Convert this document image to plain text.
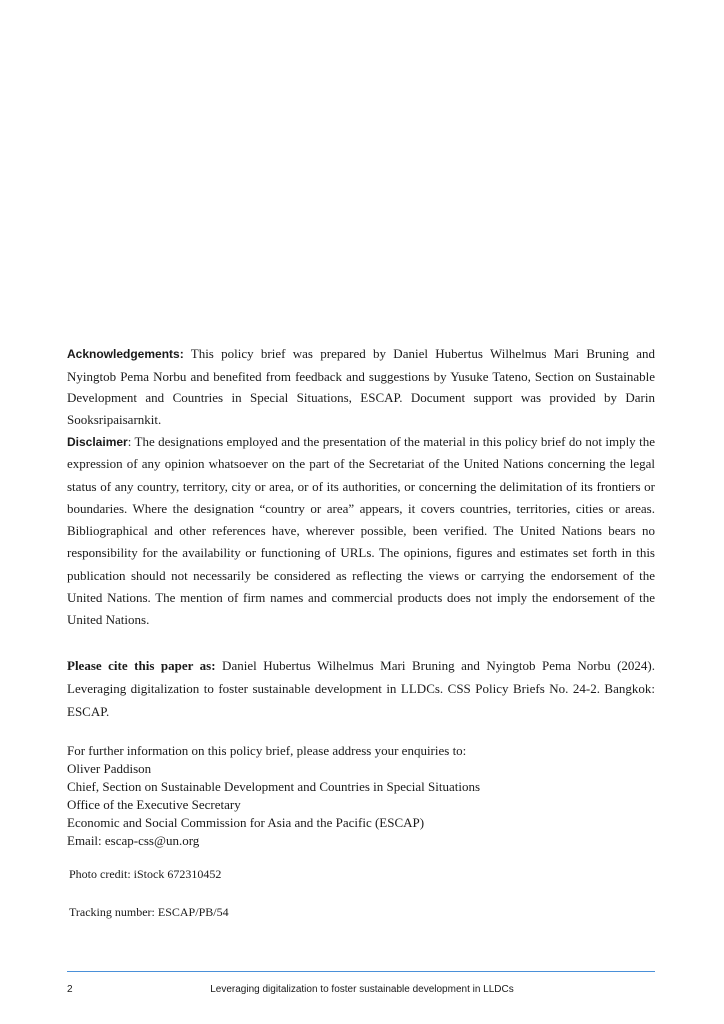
Acknowledgements: This policy brief was prepared by Daniel Hubertus Wilhelmus Mari Bruning and Nyingtob Pema Norbu and benefited from feedback and suggestions by Yusuke Tateno, Section on Sustainable Development and Countries in Special Situations, ESCAP. Document support was provided by Darin Sooksripaisarnkit.
Disclaimer: The designations employed and the presentation of the material in this policy brief do not imply the expression of any opinion whatsoever on the part of the Secretariat of the United Nations concerning the legal status of any country, territory, city or area, or of its authorities, or concerning the delimitation of its frontiers or boundaries. Where the designation “country or area” appears, it covers countries, territories, cities or areas. Bibliographical and other references have, wherever possible, been verified. The United Nations bears no responsibility for the availability or functioning of URLs. The opinions, figures and estimates set forth in this publication should not necessarily be considered as reflecting the views or carrying the endorsement of the United Nations. The mention of firm names and commercial products does not imply the endorsement of the United Nations.
Please cite this paper as: Daniel Hubertus Wilhelmus Mari Bruning and Nyingtob Pema Norbu (2024). Leveraging digitalization to foster sustainable development in LLDCs. CSS Policy Briefs No. 24-2. Bangkok: ESCAP.
For further information on this policy brief, please address your enquiries to:
Oliver Paddison
Chief, Section on Sustainable Development and Countries in Special Situations
Office of the Executive Secretary
Economic and Social Commission for Asia and the Pacific (ESCAP)
Email: escap-css@un.org
Photo credit: iStock 672310452
Tracking number: ESCAP/PB/54
Leveraging digitalization to foster sustainable development in LLDCs
2
